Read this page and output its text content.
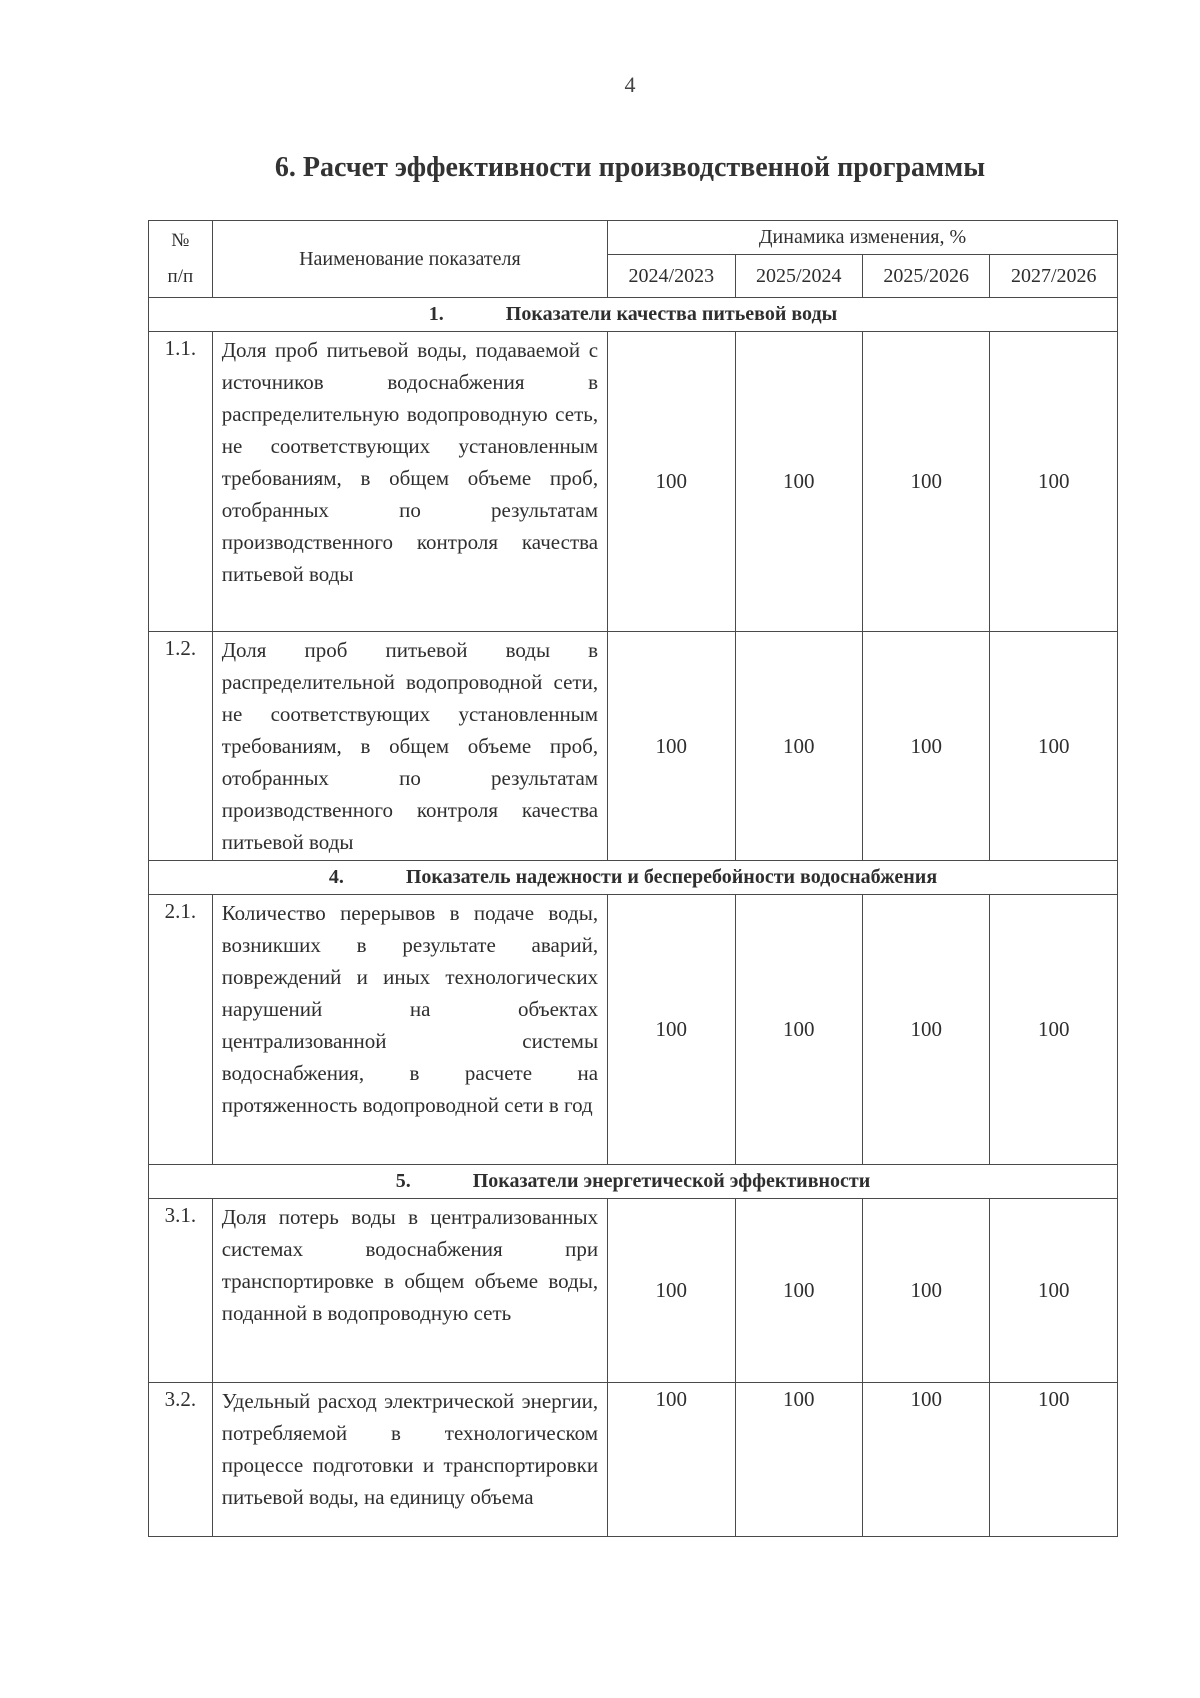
4
6. Расчет эффективности производственной программы
№
п/п	Наименование показателя	Динамика изменения, %			
		2024/2023	2025/2024	2025/2026	2027/2026
1. Показатели качества питьевой воды					
1.1.	Доля проб питьевой воды, подаваемой с источников водоснабжения в распределительную водопроводную сеть, не соответствующих установленным требованиям, в общем объеме проб, отобранных по результатам производственного контроля качества питьевой воды	100	100	100	100
1.2.	Доля проб питьевой воды в распределительной водопроводной сети, не соответствующих установленным требованиям, в общем объеме проб, отобранных по результатам производственного контроля качества питьевой воды	100	100	100	100
4. Показатель надежности и бесперебойности водоснабжения					
2.1.	Количество перерывов в подаче воды, возникших в результате аварий, повреждений и иных технологических нарушений на объектах централизованной системы водоснабжения, в расчете на протяженность водопроводной сети в год	100	100	100	100
5. Показатели энергетической эффективности					
3.1.	Доля потерь воды в централизованных системах водоснабжения при транспортировке в общем объеме воды, поданной в водопроводную сеть	100	100	100	100
3.2.	Удельный расход электрической энергии, потребляемой в технологическом процессе подготовки и транспортировки питьевой воды, на единицу объема	100	100	100	100
